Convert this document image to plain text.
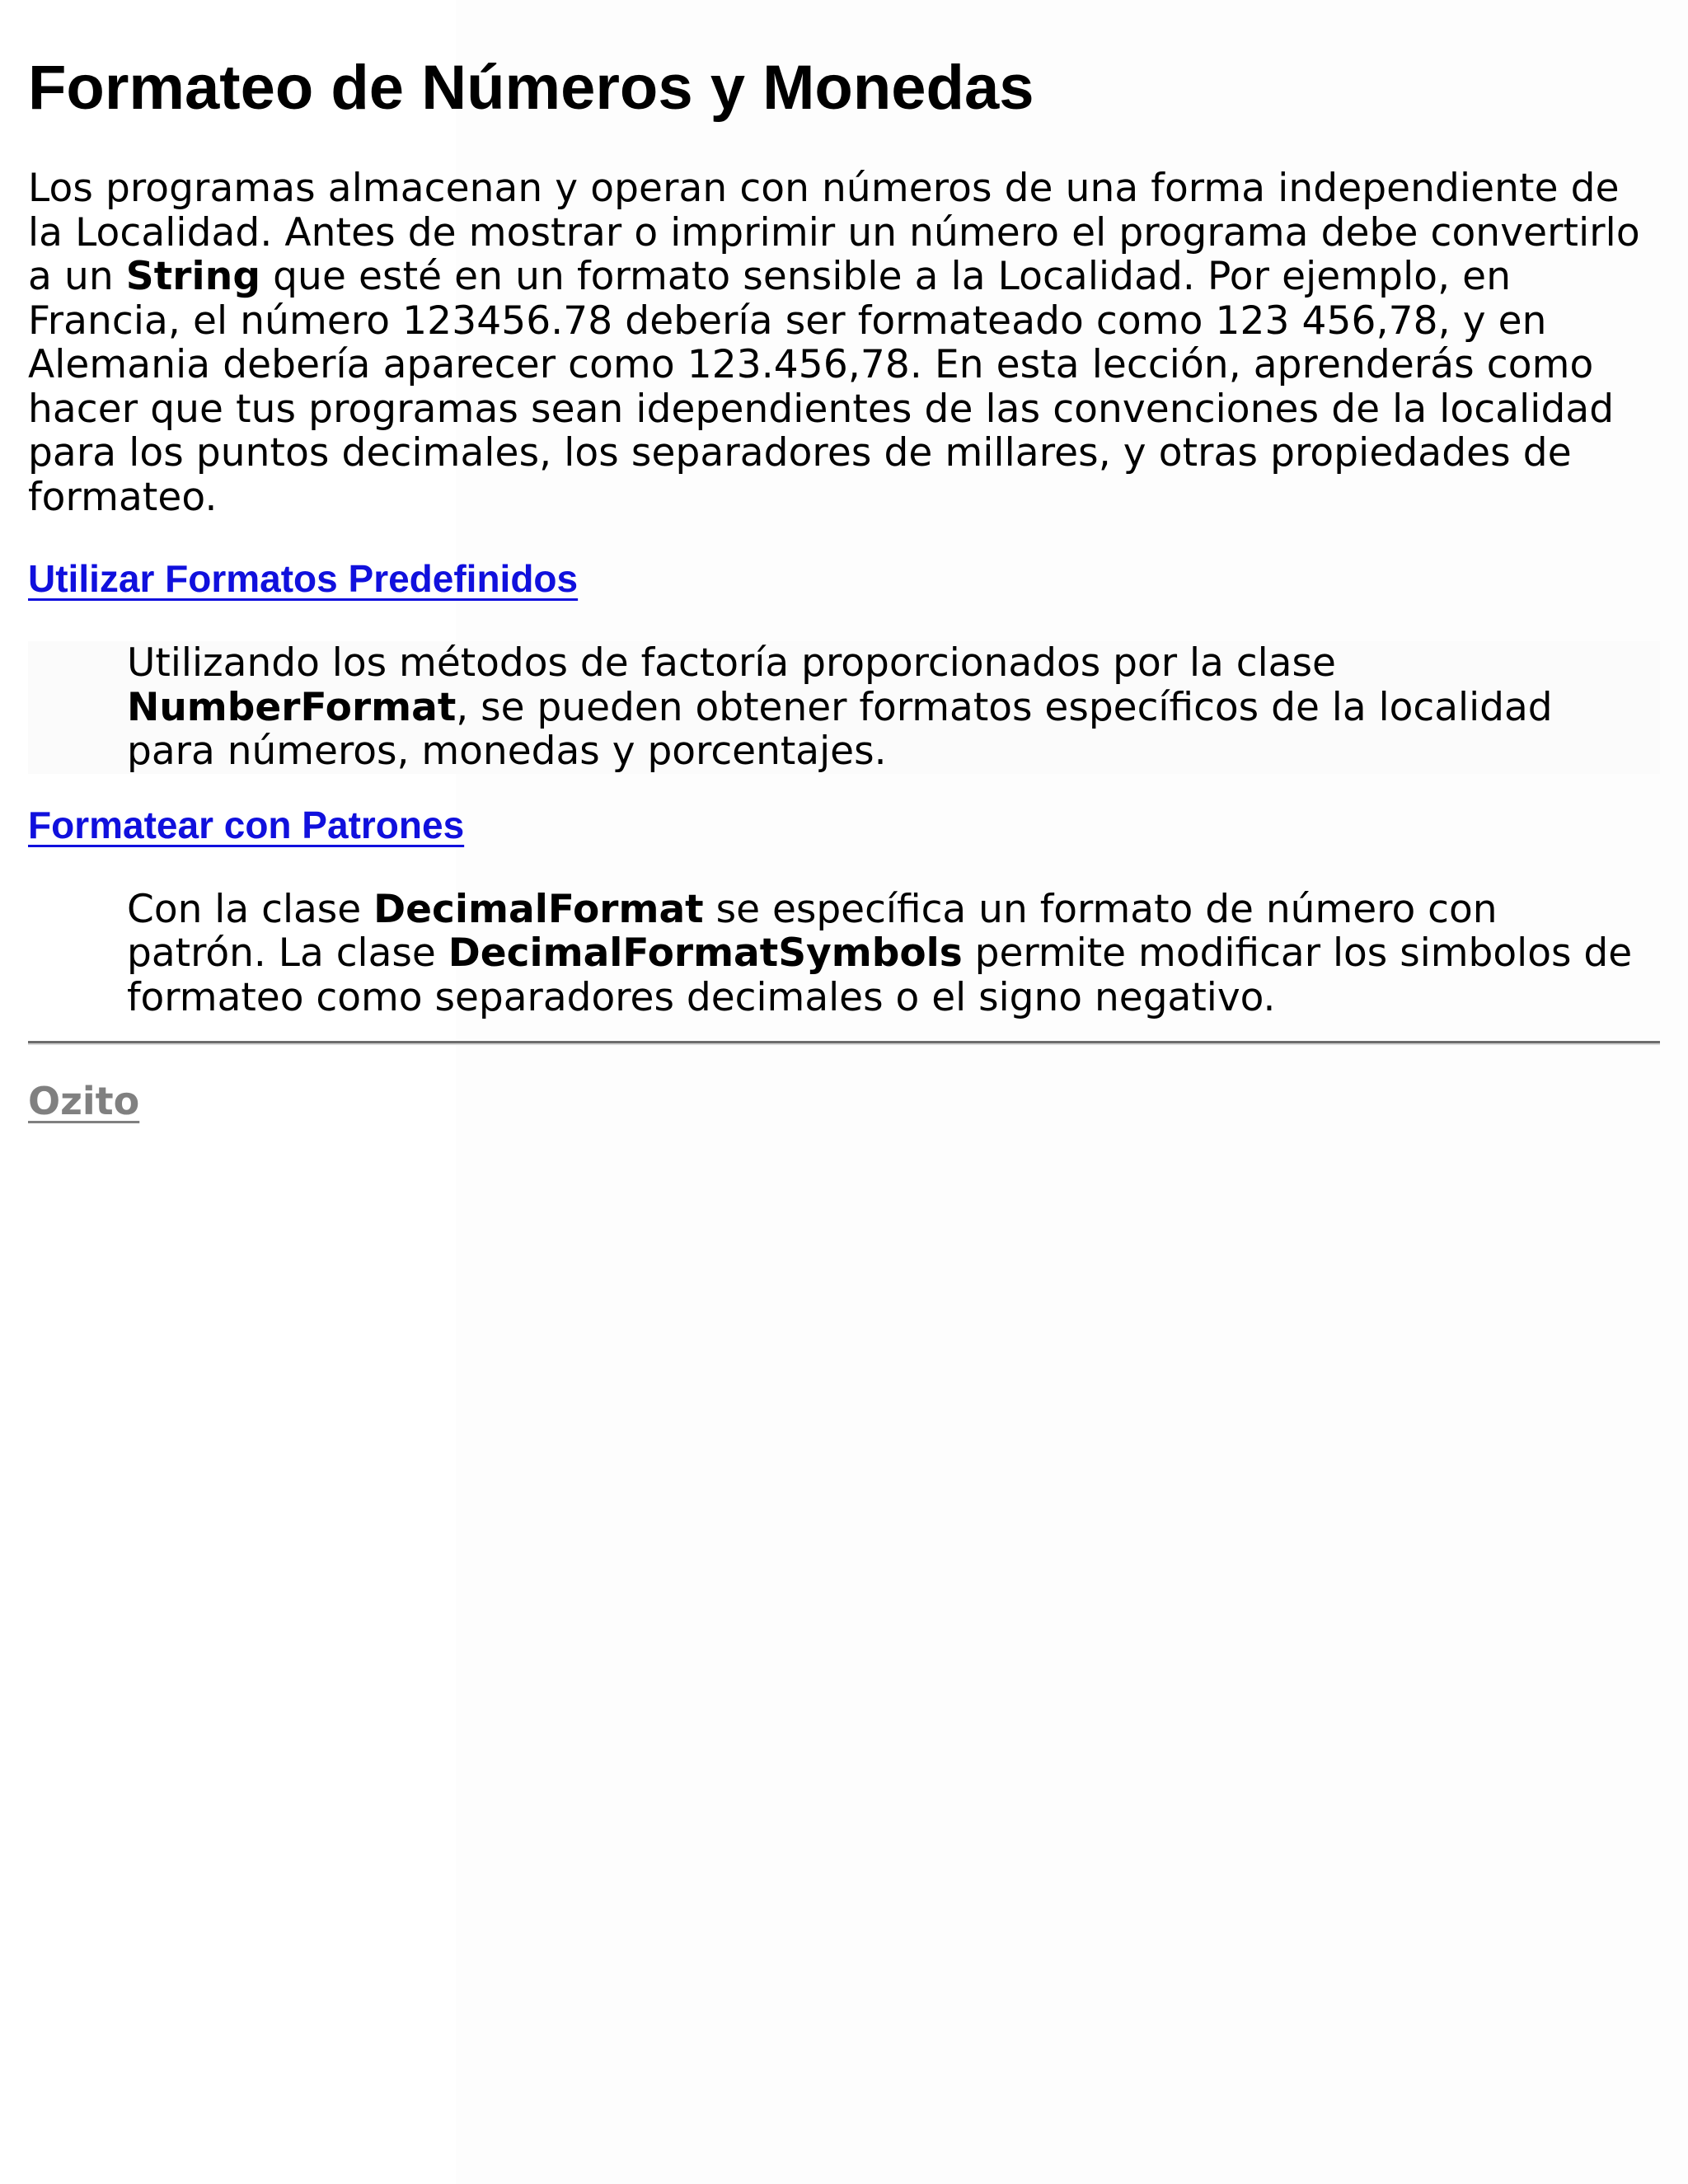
Formateo de Números y Monedas

Los programas almacenan y operan con números de una forma independiente de la Localidad. Antes de mostrar o imprimir un número el programa debe convertirlo a un String que esté en un formato sensible a la Localidad. Por ejemplo, en Francia, el número 123456.78 debería ser formateado como 123 456,78, y en Alemania debería aparecer como 123.456,78. En esta lección, aprenderás como hacer que tus programas sean idependientes de las convenciones de la localidad para los puntos decimales, los separadores de millares, y otras propiedades de formateo.

Utilizar Formatos Predefinidos

Utilizando los métodos de factoría proporcionados por la clase NumberFormat, se pueden obtener formatos específicos de la localidad para números, monedas y porcentajes.

Formatear con Patrones

Con la clase DecimalFormat se específica un formato de número con patrón. La clase DecimalFormatSymbols permite modificar los simbolos de formateo como separadores decimales o el signo negativo.

Ozito
